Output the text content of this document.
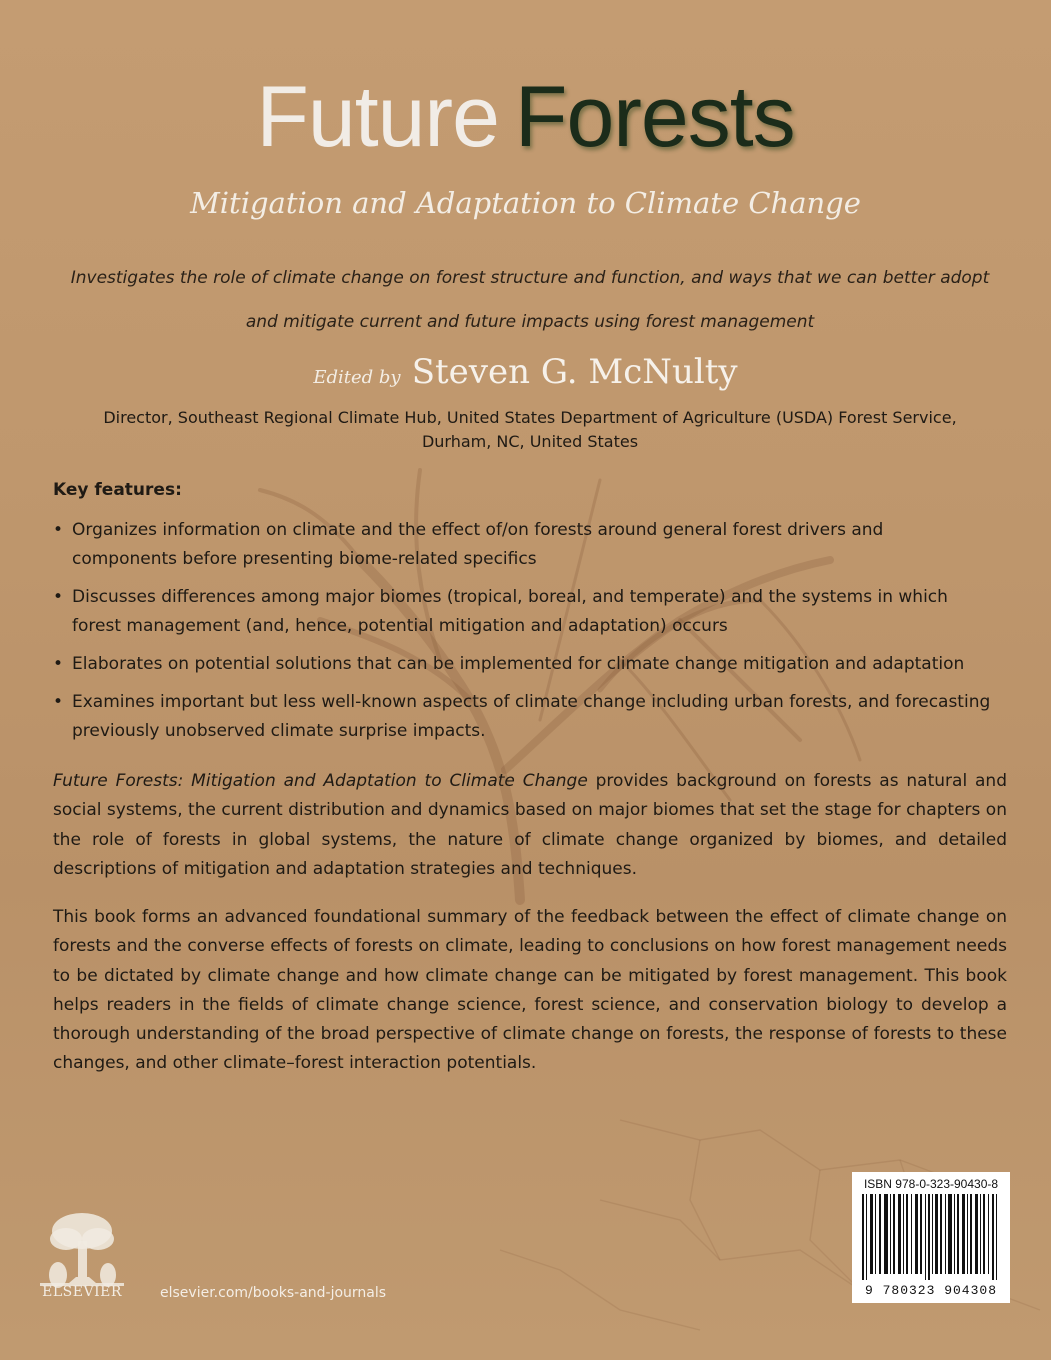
Future Forests
Mitigation and Adaptation to Climate Change
Investigates the role of climate change on forest structure and function, and ways that we can better adopt and mitigate current and future impacts using forest management
Edited by Steven G. McNulty
Director, Southeast Regional Climate Hub, United States Department of Agriculture (USDA) Forest Service,
Durham, NC, United States
Key features:
• Organizes information on climate and the effect of/on forests around general forest drivers and components before presenting biome-related specifics
• Discusses differences among major biomes (tropical, boreal, and temperate) and the systems in which forest management (and, hence, potential mitigation and adaptation) occurs
• Elaborates on potential solutions that can be implemented for climate change mitigation and adaptation
• Examines important but less well-known aspects of climate change including urban forests, and forecasting previously unobserved climate surprise impacts.

Future Forests: Mitigation and Adaptation to Climate Change provides background on forests as natural and social systems, the current distribution and dynamics based on major biomes that set the stage for chapters on the role of forests in global systems, the nature of climate change organized by biomes, and detailed descriptions of mitigation and adaptation strategies and techniques.

This book forms an advanced foundational summary of the feedback between the effect of climate change on forests and the converse effects of forests on climate, leading to conclusions on how forest management needs to be dictated by climate change and how climate change can be mitigated by forest management. This book helps readers in the fields of climate change science, forest science, and conservation biology to develop a thorough understanding of the broad perspective of climate change on forests, the response of forests to these changes, and other climate–forest interaction potentials.

ELSEVIER	elsevier.com/books-and-journals
ISBN 978-0-323-90430-8
9 780323 904308
